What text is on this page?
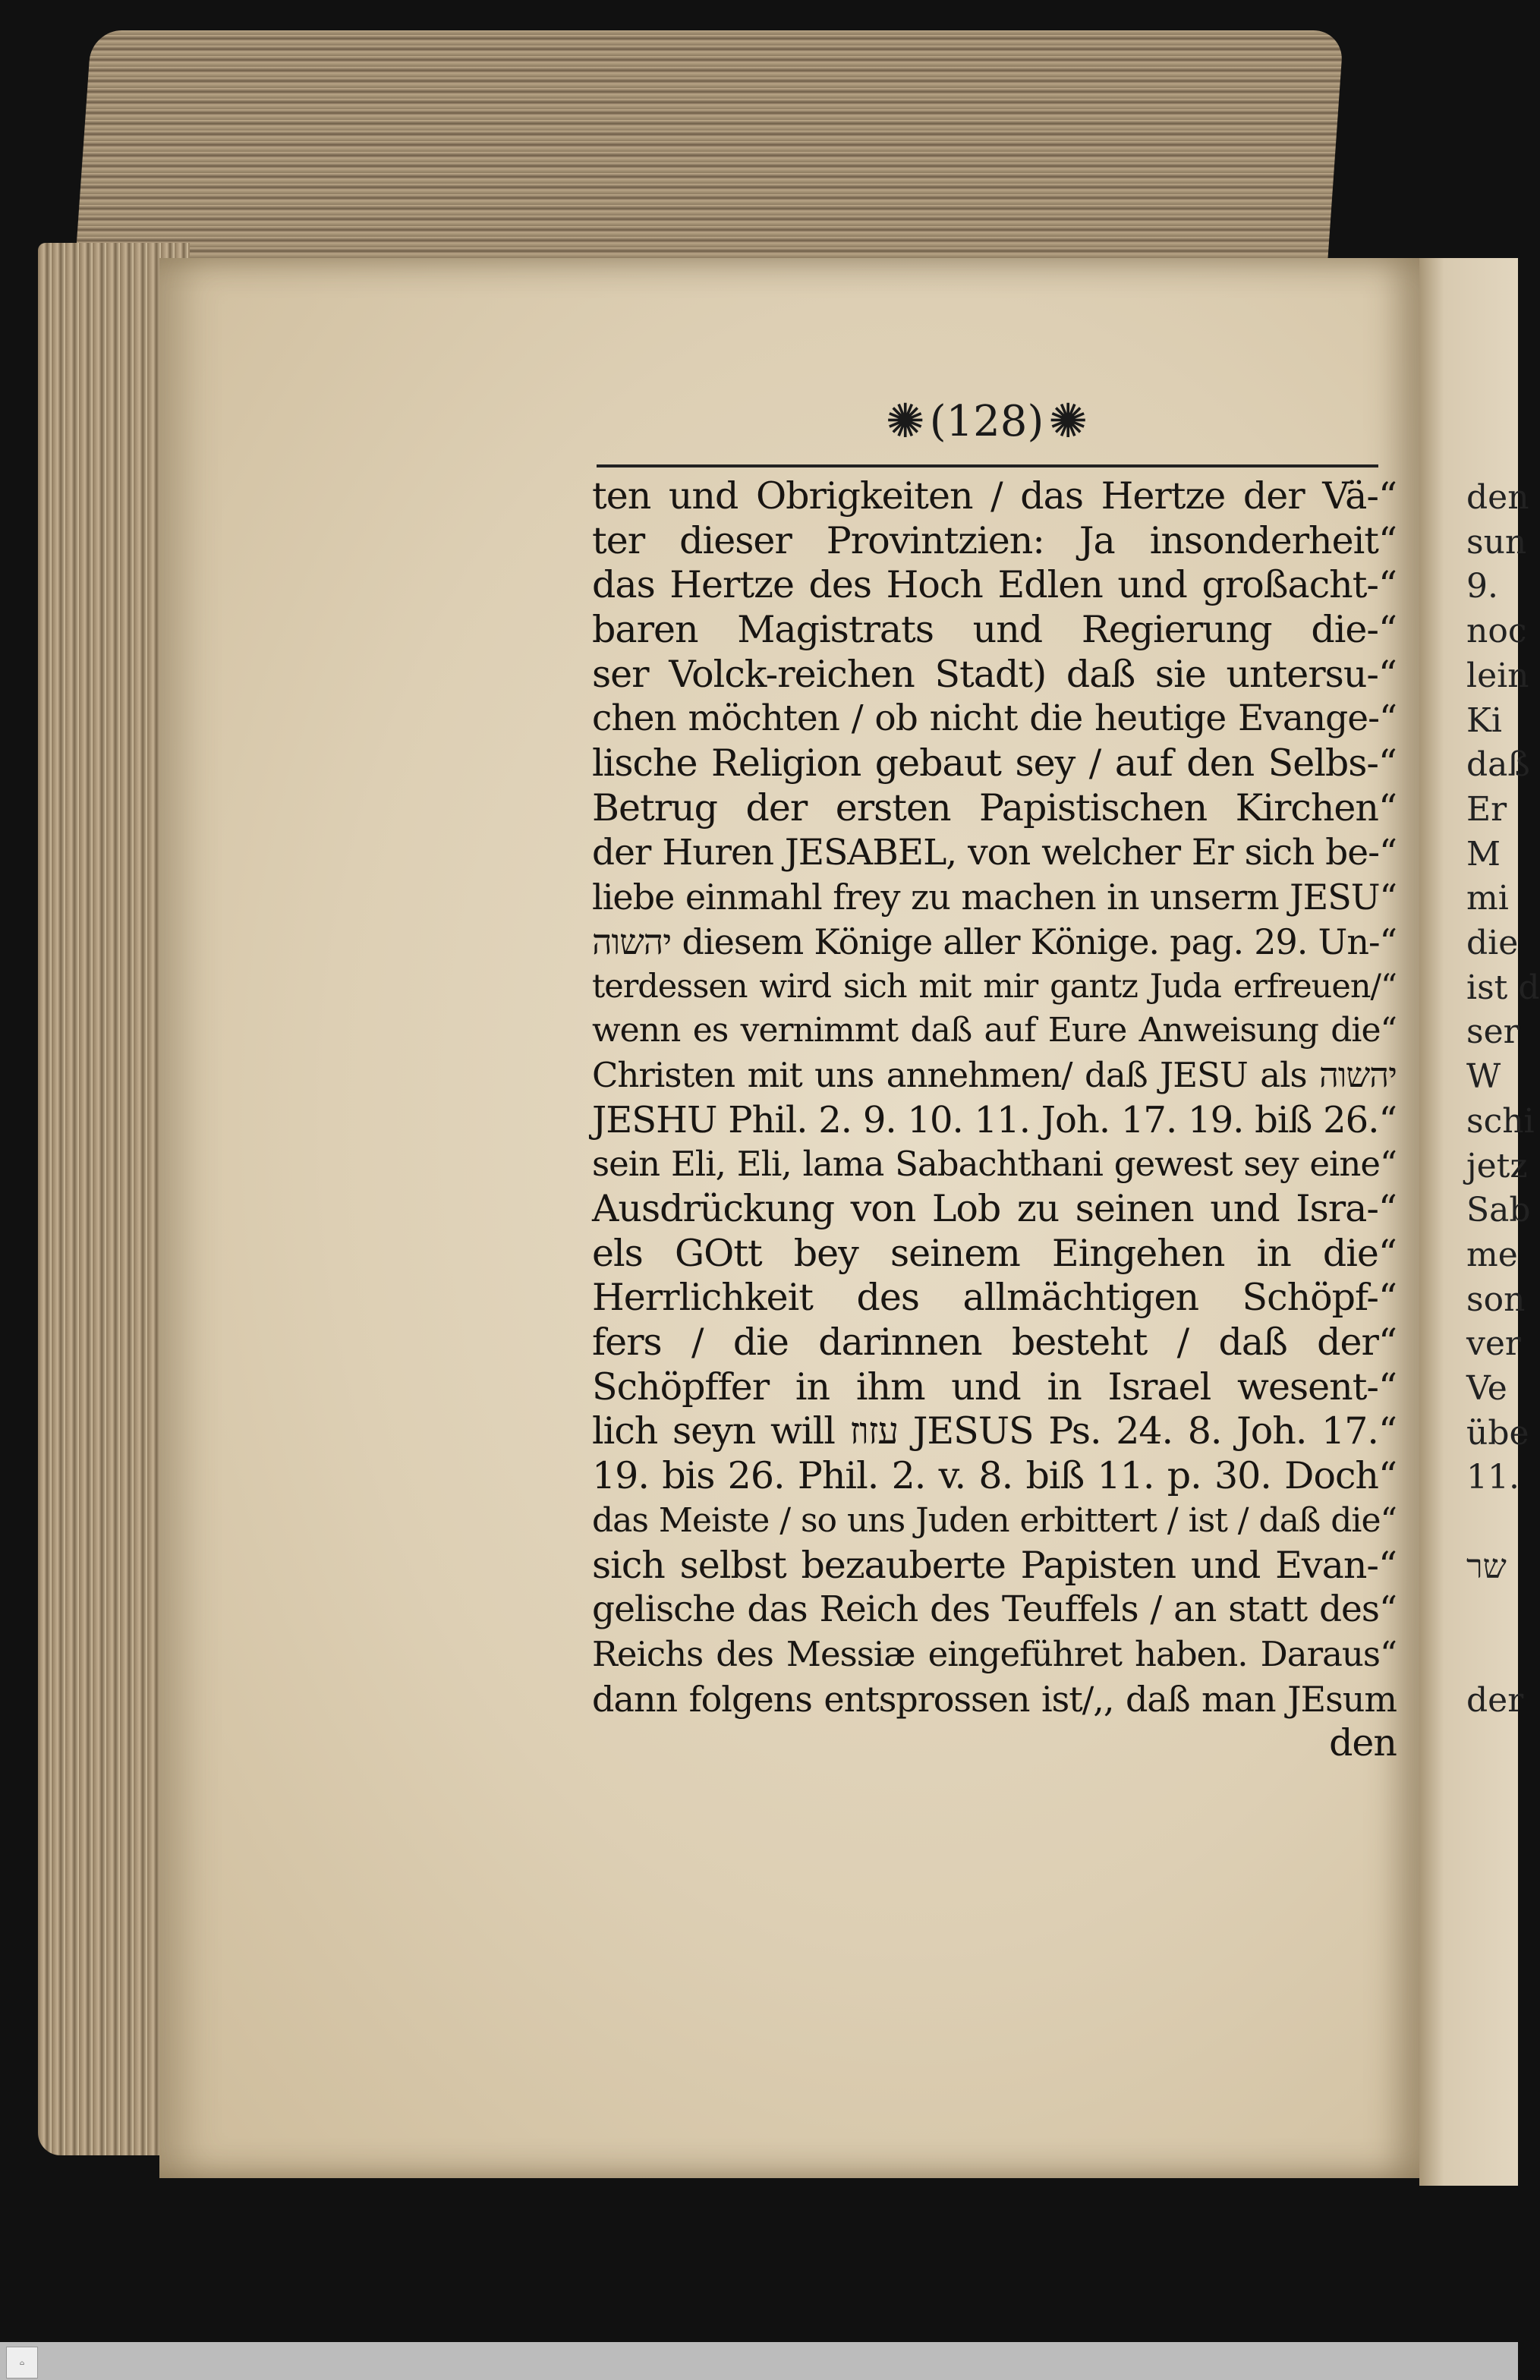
den
sun
9.
noc
lein
Ki
daß
Er
M
mi
die
ist d
ser
W
schi
jetz
Sab
me
son
ver
Ve
übe
11.
שר
der
✺ (128) ✺
ten und Obrigkeiten / das Hertze der Vä-“
ter dieser Provintzien: Ja insonderheit“
das Hertze des Hoch Edlen und großacht-“
baren Magistrats und Regierung die-“
ser Volck-reichen Stadt) daß sie untersu-“
chen möchten / ob nicht die heutige Evange-“
lische Religion gebaut sey / auf den Selbs-“
Betrug der ersten Papistischen Kirchen“
der Huren JESABEL, von welcher Er sich be-“
liebe einmahl frey zu machen in unserm JESU“
יהשוה diesem Könige aller Könige. pag. 29. Un-“
terdessen wird sich mit mir gantz Juda erfreuen/“
wenn es vernimmt daß auf Eure Anweisung die“
Christen mit uns annehmen/ daß JESU als יהשוה
JESHU Phil. 2. 9. 10. 11. Joh. 17. 19. biß 26.“
sein Eli, Eli, lama Sabachthani gewest sey eine“
Ausdrückung von Lob zu seinen und Isra-“
els GOtt bey seinem Eingehen in die“
Herrlichkeit des allmächtigen Schöpf-“
fers / die darinnen besteht / daß der“
Schöpffer in ihm und in Israel wesent-“
lich seyn will עזוז JESUS Ps. 24. 8. Joh. 17.“
19. bis 26. Phil. 2. v. 8. biß 11. p. 30. Doch“
das Meiste / so uns Juden erbittert / ist / daß die“
sich selbst bezauberte Papisten und Evan-“
gelische das Reich des Teuffels / an statt des“
Reichs des Messiæ eingeführet haben. Daraus“
dann folgens entsprossen ist/,, daß man JEsum
den
⌂
